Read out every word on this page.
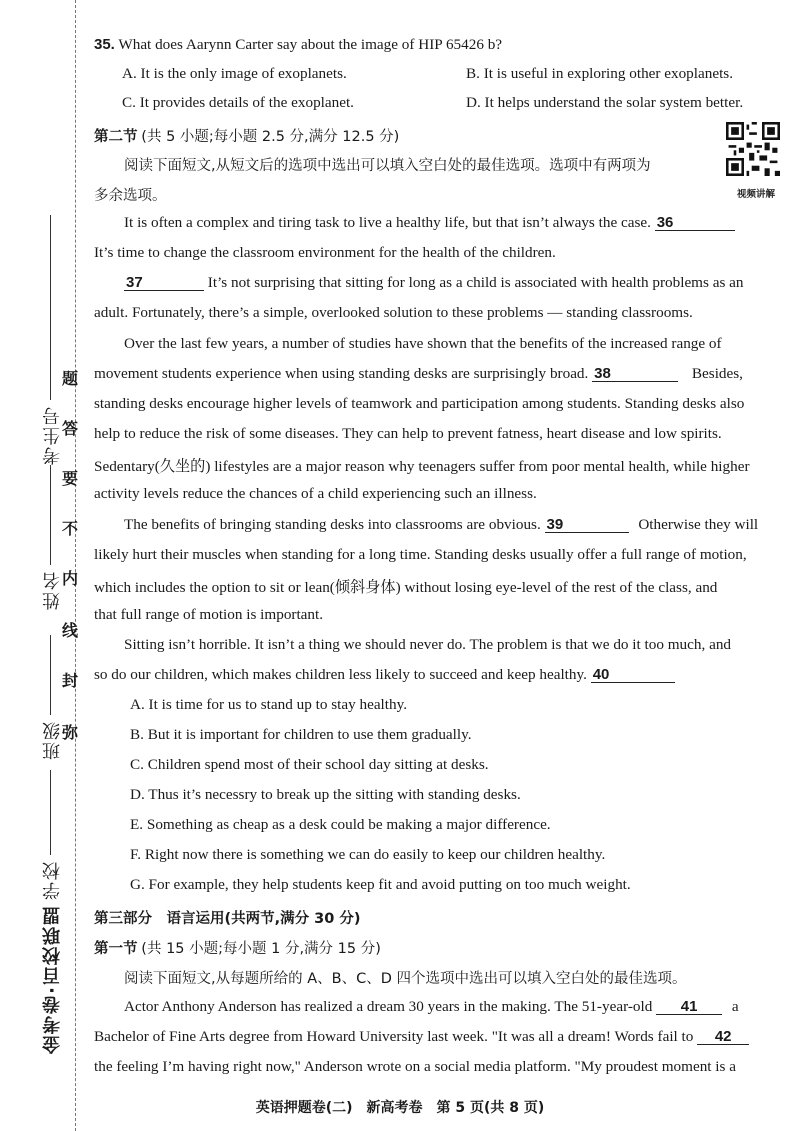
金考卷·百校联盟
学校
班级
姓名
考生号
弥
封
线
内
不
要
答
题
35. What does Aarynn Carter say about the image of HIP 65426 b?
A. It is the only image of exoplanets.	B. It is useful in exploring other exoplanets.
C. It provides details of the exoplanet.	D. It helps understand the solar system better.
第二节 (共 5 小题;每小题 2.5 分,满分 12.5 分)
阅读下面短文,从短文后的选项中选出可以填入空白处的最佳选项。选项中有两项为
多余选项。	视频讲解
It is often a complex and tiring task to live a healthy life, but that isn’t always the case. 36
It’s time to change the classroom environment for the health of the children.
37	It’s not surprising that sitting for long as a child is associated with health problems as an
adult. Fortunately, there’s a simple, overlooked solution to these problems — standing classrooms.
Over the last few years, a number of studies have shown that the benefits of the increased range of
movement students experience when using standing desks are surprisingly broad. 38	Besides,
standing desks encourage higher levels of teamwork and participation among students. Standing desks also
help to reduce the risk of some diseases. They can help to prevent fatness, heart disease and low spirits.
Sedentary(久坐的) lifestyles are a major reason why teenagers suffer from poor mental health, while higher
activity levels reduce the chances of a child experiencing such an illness.
The benefits of bringing standing desks into classrooms are obvious. 39	Otherwise they will
likely hurt their muscles when standing for a long time. Standing desks usually offer a full range of motion,
which includes the option to sit or lean(倾斜身体) without losing eye-level of the rest of the class, and
that full range of motion is important.
Sitting isn’t horrible. It isn’t a thing we should never do. The problem is that we do it too much, and
so do our children, which makes children less likely to succeed and keep healthy. 40
A. It is time for us to stand up to stay healthy.
B. But it is important for children to use them gradually.
C. Children spend most of their school day sitting at desks.
D. Thus it’s necessry to break up the sitting with standing desks.
E. Something as cheap as a desk could be making a major difference.
F. Right now there is something we can do easily to keep our children healthy.
G. For example, they help students keep fit and avoid putting on too much weight.
第三部分　语言运用(共两节,满分 30 分)
第一节 (共 15 小题;每小题 1 分,满分 15 分)
阅读下面短文,从每题所给的 A、B、C、D 四个选项中选出可以填入空白处的最佳选项。
Actor Anthony Anderson has realized a dream 30 years in the making. The 51-year-old 41 a
Bachelor of Fine Arts degree from Howard University last week. "It was all a dream! Words fail to 42
the feeling I’m having right now," Anderson wrote on a social media platform. "My proudest moment is a
英语押题卷(二)　新高考卷　第 5 页(共 8 页)
